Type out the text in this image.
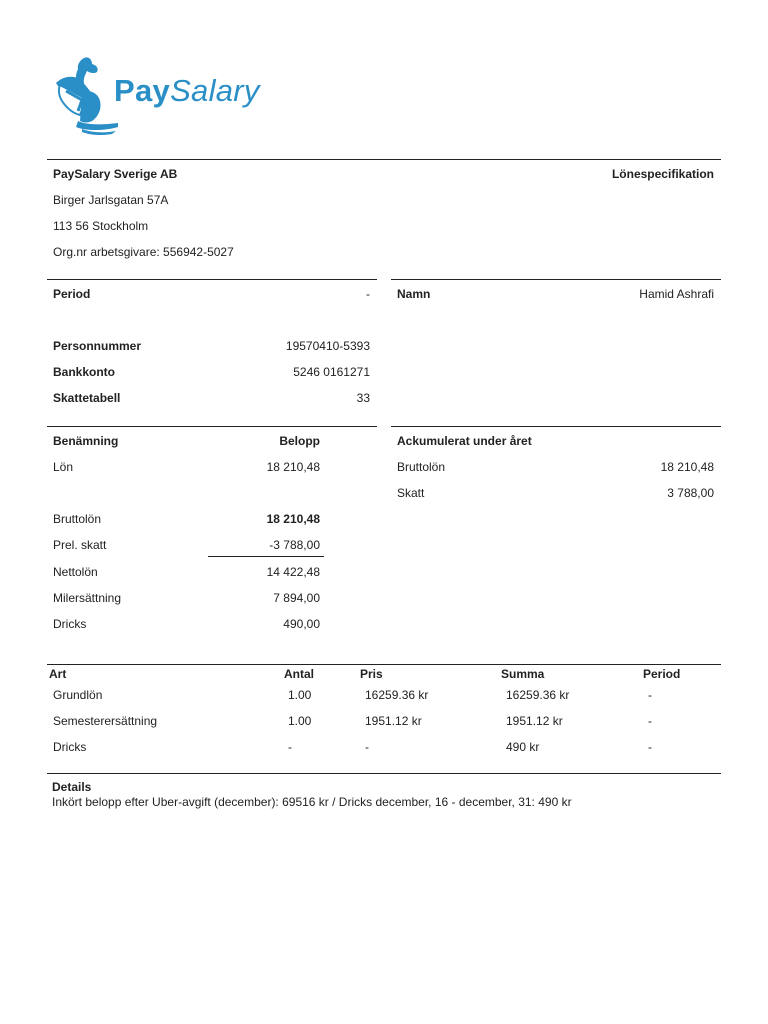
PaySalary
PaySalary Sverige AB	Lönespecifikation
Birger Jarlsgatan 57A
113 56 Stockholm
Org.nr arbetsgivare: 556942-5027
Period	- Namn	Hamid Ashrafi
Personnummer	19570410-5393
Bankkonto	5246 0161271
Skattetabell	33
Benämning	Belopp
Lön	18 210,48
Bruttolön	18 210,48
Prel. skatt	-3 788,00
Nettolön	14 422,48
Milersättning	7 894,00
Dricks	490,00
Ackumulerat under året
Bruttolön	18 210,48
Skatt	3 788,00
Art	Antal	Pris	Summa	Period
Grundlön	1.00	16259.36 kr	16259.36 kr	-
Semesterersättning	1.00	1951.12 kr	1951.12 kr	-
Dricks	-	-	490 kr	-
Details
Inkört belopp efter Uber-avgift (december): 69516 kr / Dricks december, 16 - december, 31: 490 kr
